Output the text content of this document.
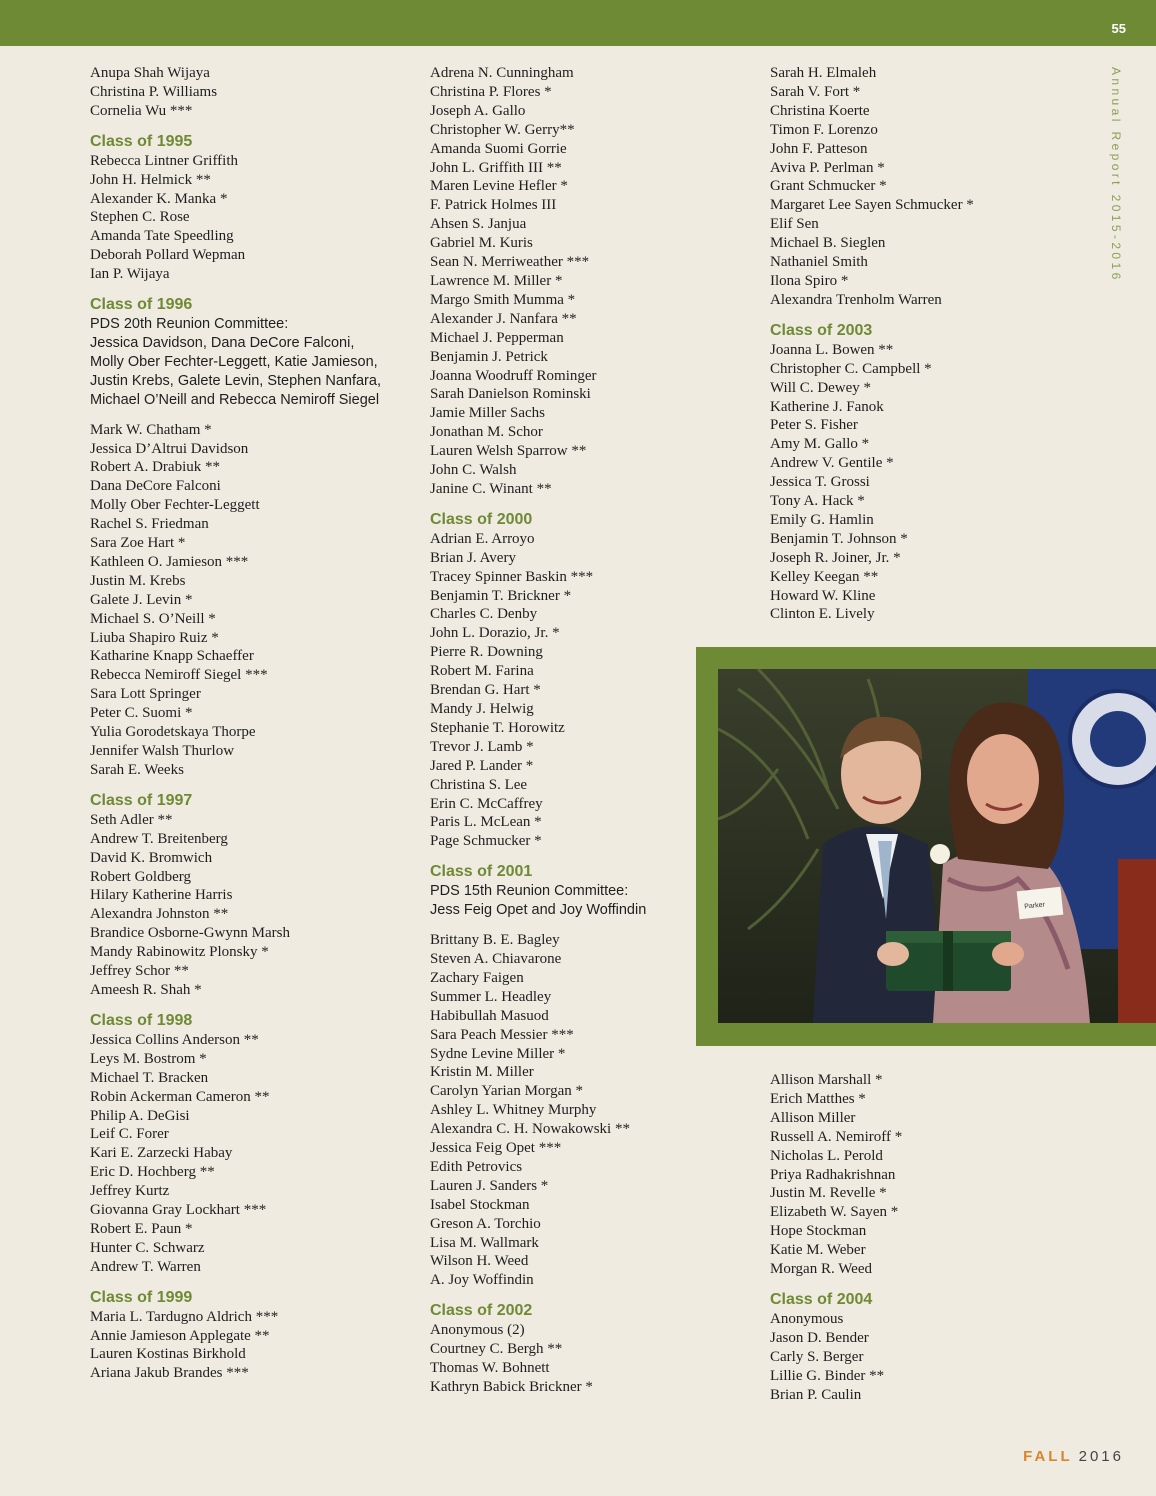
55
Annual Report 2015-2016
Anupa Shah Wijaya
Christina P. Williams
Cornelia Wu ***
Class of 1995
Rebecca Lintner Griffith
John H. Helmick **
Alexander K. Manka *
Stephen C. Rose
Amanda Tate Speedling
Deborah Pollard Wepman
Ian P. Wijaya
Class of 1996
PDS 20th Reunion Committee:
Jessica Davidson, Dana DeCore Falconi,
Molly Ober Fechter-Leggett, Katie Jamieson,
Justin Krebs, Galete Levin, Stephen Nanfara,
Michael O’Neill and Rebecca Nemiroff Siegel
Mark W. Chatham *
Jessica D’Altrui Davidson
Robert A. Drabiuk **
Dana DeCore Falconi
Molly Ober Fechter-Leggett
Rachel S. Friedman
Sara Zoe Hart *
Kathleen O. Jamieson ***
Justin M. Krebs
Galete J. Levin *
Michael S. O’Neill *
Liuba Shapiro Ruiz *
Katharine Knapp Schaeffer
Rebecca Nemiroff Siegel ***
Sara Lott Springer
Peter C. Suomi *
Yulia Gorodetskaya Thorpe
Jennifer Walsh Thurlow
Sarah E. Weeks
Class of 1997
Seth Adler **
Andrew T. Breitenberg
David K. Bromwich
Robert Goldberg
Hilary Katherine Harris
Alexandra Johnston **
Brandice Osborne-Gwynn Marsh
Mandy Rabinowitz Plonsky *
Jeffrey Schor **
Ameesh R. Shah *
Class of 1998
Jessica Collins Anderson **
Leys M. Bostrom *
Michael T. Bracken
Robin Ackerman Cameron **
Philip A. DeGisi
Leif C. Forer
Kari E. Zarzecki Habay
Eric D. Hochberg **
Jeffrey Kurtz
Giovanna Gray Lockhart ***
Robert E. Paun *
Hunter C. Schwarz
Andrew T. Warren
Class of 1999
Maria L. Tardugno Aldrich ***
Annie Jamieson Applegate **
Lauren Kostinas Birkhold
Ariana Jakub Brandes ***
Adrena N. Cunningham
Christina P. Flores *
Joseph A. Gallo
Christopher W. Gerry**
Amanda Suomi Gorrie
John L. Griffith III **
Maren Levine Hefler *
F. Patrick Holmes III
Ahsen S. Janjua
Gabriel M. Kuris
Sean N. Merriweather ***
Lawrence M. Miller *
Margo Smith Mumma *
Alexander J. Nanfara **
Michael J. Pepperman
Benjamin J. Petrick
Joanna Woodruff Rominger
Sarah Danielson Rominski
Jamie Miller Sachs
Jonathan M. Schor
Lauren Welsh Sparrow **
John C. Walsh
Janine C. Winant **
Class of 2000
Adrian E. Arroyo
Brian J. Avery
Tracey Spinner Baskin ***
Benjamin T. Brickner *
Charles C. Denby
John L. Dorazio, Jr. *
Pierre R. Downing
Robert M. Farina
Brendan G. Hart *
Mandy J. Helwig
Stephanie T. Horowitz
Trevor J. Lamb *
Jared P. Lander *
Christina S. Lee
Erin C. McCaffrey
Paris L. McLean *
Page Schmucker *
Class of 2001
PDS 15th Reunion Committee:
Jess Feig Opet and Joy Woffindin
Brittany B. E. Bagley
Steven A. Chiavarone
Zachary Faigen
Summer L. Headley
Habibullah Masuod
Sara Peach Messier ***
Sydne Levine Miller *
Kristin M. Miller
Carolyn Yarian Morgan *
Ashley L. Whitney Murphy
Alexandra C. H. Nowakowski **
Jessica Feig Opet ***
Edith Petrovics
Lauren J. Sanders *
Isabel Stockman
Greson A. Torchio
Lisa M. Wallmark
Wilson H. Weed
A. Joy Woffindin
Class of 2002
Anonymous (2)
Courtney C. Bergh **
Thomas W. Bohnett
Kathryn Babick Brickner *
Sarah H. Elmaleh
Sarah V. Fort *
Christina Koerte
Timon F. Lorenzo
John F. Patteson
Aviva P. Perlman *
Grant Schmucker *
Margaret Lee Sayen Schmucker *
Elif Sen
Michael B. Sieglen
Nathaniel Smith
Ilona Spiro *
Alexandra Trenholm Warren
Class of 2003
Joanna L. Bowen **
Christopher C. Campbell *
Will C. Dewey *
Katherine J. Fanok
Peter S. Fisher
Amy M. Gallo *
Andrew V. Gentile *
Jessica T. Grossi
Tony A. Hack *
Emily G. Hamlin
Benjamin T. Johnson *
Joseph R. Joiner, Jr. *
Kelley Keegan **
Howard W. Kline
Clinton E. Lively
Allison Marshall *
Erich Matthes *
Allison Miller
Russell A. Nemiroff *
Nicholas L. Perold
Priya Radhakrishnan
Justin M. Revelle *
Elizabeth W. Sayen *
Hope Stockman
Katie M. Weber
Morgan R. Weed
Class of 2004
Anonymous
Jason D. Bender
Carly S. Berger
Lillie G. Binder **
Brian P. Caulin
Parker
FALL 2016
